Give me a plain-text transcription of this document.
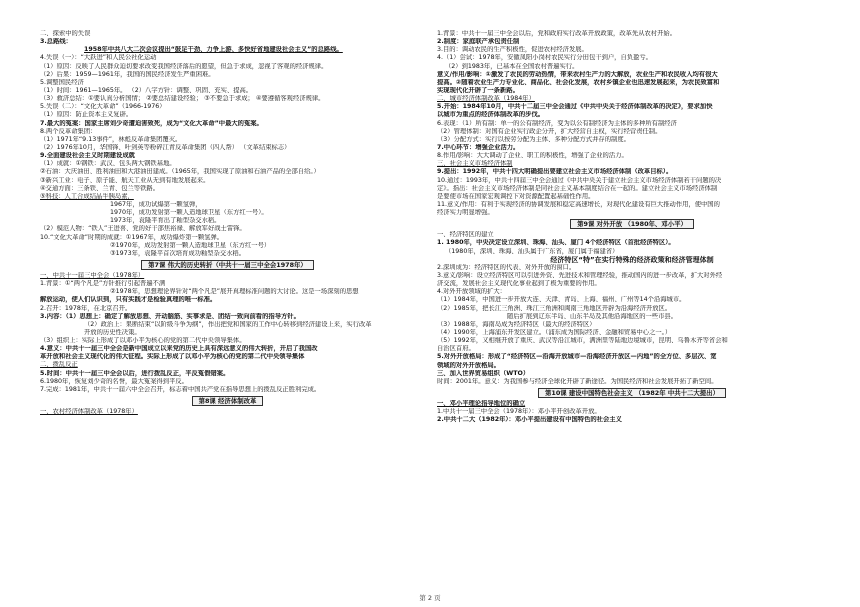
二、探索中的失误
3.总路线：
1958年中共八大二次会议提出“鼓足干劲、力争上游、多快好省地建设社会主义”的总路线。
4.失误（一）：“大跃进”和人民公社化运动
（1）原因：反映了人民群众迫切要求改变我国经济落后的愿望，但急于求成，忽视了客观的经济规律。
（2）后果：1959—1961年，我国的国民经济发生严重困难。
5.调整国民经济
（1）时间：1961—1965年。 （2）八字方针：调整、巩固、充实、提高。
（3）救济总结：①要认真分析国情； ②要总结建设经验； ③不要急于求成； ④要遵循客观经济规律。
5.失误（二）：“文化大革命”（1966-1976）
（1）原因：防止资本主义复辟。
7.最大的冤案：国家主席刘少奇遭迫害致死，成为“文化大革命”中最大的冤案。
8.两个反革命集团：
（1）1971年“9.13事件”，林彪反革命集团覆灭。
（2）1976年10月，华国锋、叶剑英等粉碎江青反革命集团（四人帮） （文革结束标志）
9.全面建设社会主义时期建设成就
（1）成就：①钢铁：武汉、包头两大钢铁基地。
②石油：大庆油田、胜利油田和大港油田建成。（1965年，我国实现了原油和石油产品的全部自给。）
③新兴工业：电子、原子能、航天工业从无到有地发展起来。
④交通方面：三条铁、兰青、包兰等铁路。
⑤科技：人工合成结晶牛胰岛素，
1967年，成功试爆第一颗氢弹，
1970年，成功发射第一颗人造地球卫星（东方红一号）。
1973年，袁隆平育出了籼型杂交水稻。
（2）模范人物：“铁人”王进喜、党的好干部焦裕禄、解放军好战士雷锋。
10.“文化大革命”时期的成就：①1967年，成功爆炸第一颗氢弹。
②1970年，成功发射第一颗人造地球卫星（东方红一号）
③1973年，袁隆平首次培育成功籼型杂交水稻。
第7课 伟大的历史转折（中共十一届三中全会1978年）
一、中共十一届三中全会（1978年）
1.背景：①“两个凡是”方针推行引起普遍不满
②1978年，思想理论界针对“两个凡是”展开真理标准问题的大讨论。这是一场深刻的思想
解放运动，使人们认识到，只有实践才是检验真理的唯一标准。
2.召开：1978年，在北京召开。
3.内容：（1）思想上：确定了解放思想、开动脑筋、实事求是、团结一致向前看的指导方针。
（2）政治上：果断结束“以阶级斗争为纲”，作出把党和国家的工作中心转移到经济建设上来，实行改革
开放的历史性决策。
（3）组织上：实际上形成了以邓小平为核心的党的第二代中央领导集体。
4.意义：中共十一届三中全会是新中国成立以来党的历史上具有深远意义的伟大转折，开启了我国改
革开放和社会主义现代化的伟大征程。实际上形成了以邓小平为核心的党的第二代中央领导集体
二、拨乱反正
5.时间：中共十一届三中全会以后，进行拨乱反正，平反冤假错案。
6.1980年，恢复刘少奇的名誉，最大冤案得到平反。
7.完成：1981年，中共十一届六中全会召开，标志着中国共产党在指导思想上的拨乱反正胜利完成。
第8课 经济体制改革
一、农村经济体制改革（1978年）
1.背景：中共十一届三中全会以后，党和政府实行改革开放政策，改革先从农村开始。
2.制度：家庭联产承包责任制
3.目的：调动农民的生产积极性，促进农村经济发展。
4.（1）尝试：1978年，安徽凤阳小岗村农民实行分田包干到户，自负盈亏。
（2）到1983年，已基本在全国农村普遍实行。
意义/作用/影响：①激发了农民的劳动热情，带来农村生产力的大解放，农业生产和农民收入均有很大
提高。②随着农业生产力专业化、商品化、社会化发展，农村乡镇企业也迅速发展起来，为农民致富和
实现现代化开辟了一条新路。
二、城市经济体制改革（1984年）
5.开始：1984年10月，中共十二届三中全会通过《中共中央关于经济体制改革的决定》，要求加快
以城市为重点的经济体制改革的步伐。
6.表现：（1）所有制：单一的公有制经济，变为以公有制经济为主体的多种所有制经济
（2）管理体制：对国有企业实行政企分开，扩大经营自主权，实行经营责任制。
（3）分配方式：实行以按劳分配为主体、多种分配方式并存的制度。
7.中心环节：增强企业活力。
8.作用/影响：大大调动了企业、职工的积极性，增强了企业的活力。
三、社会主义市场经济体制
9.提出：1992年，中共十四大明确提出要建立社会主义市场经济体制（改革目标）。
10.通过：1993年，中共十四届三中全会通过《中共中央关于建立社会主义市场经济体制若干问题的决
定》。指出：社会主义市场经济体制是同社会主义基本制度结合在一起的。建立社会主义市场经济体制
是要使市场在国家宏观调控下对资源配置起基础性作用。
11.意义/作用：有利于实现经济的协调发展和稳定高速增长，对现代化建设有巨大推动作用，使中国的
经济实力明显增强。
第9课 对外开放 （1980年、邓小平）
一、经济特区的建立
1. 1980年，中央决定设立深圳、珠海、汕头、厦门 4个经济特区（首批经济特区）。
（1980年，深圳、珠海、汕头属于广东省，厦门属于福建省）
经济特区“特”在实行特殊的经济政策和经济管理体制
2.深圳成为：经济特区的代表、对外开放的窗口。
3.意义/影响：设立经济特区可以引进外资、先进技术和管理经验，推动国内的进一步改革，扩大对外经
济交流，发展社会主义现代化事业起到了极为重要的作用。
4.对外开放领域的扩大：
（1）1984年，中国进一步开放大连、天津、青岛、上海、福州、广州等14个沿海城市。
（2）1985年，把长江三角洲、珠江三角洲和闽南三角地区开辟为沿海经济开放区。
随后扩展到辽东半岛、山东半岛及其他沿海地区的一些市县。
（3）1988年，海南岛成为经济特区（最大的经济特区）
（4）1990年，上海浦东开发区建立。（浦东成为国际经济、金融和贸易中心之一。）
（5）1992年，又相继开放了重庆、武汉等沿江城市，满洲里等陆地边境城市，昆明、乌鲁木齐等省会和
自治区首府。
5.对外开放格局：形成了“经济特区—沿海开放城市—沿海经济开放区—内地”的全方位、多层次、宽
领域的对外开放格局。
三、加入世界贸易组织（WTO）
时间：2001年。意义：为我国参与经济全球化开辟了新途径。为国民经济和社会发展开拓了新空间。
第10课 建设中国特色社会主义 （1982年 中共十二大提出）
一、邓小平理论指导地位的确立
1.中共十一届三中全会（1978年）：邓小平开创改革开放。
2.中共十二大（1982年）：邓小平提出建设有中国特色的社会主义
第 2 页
